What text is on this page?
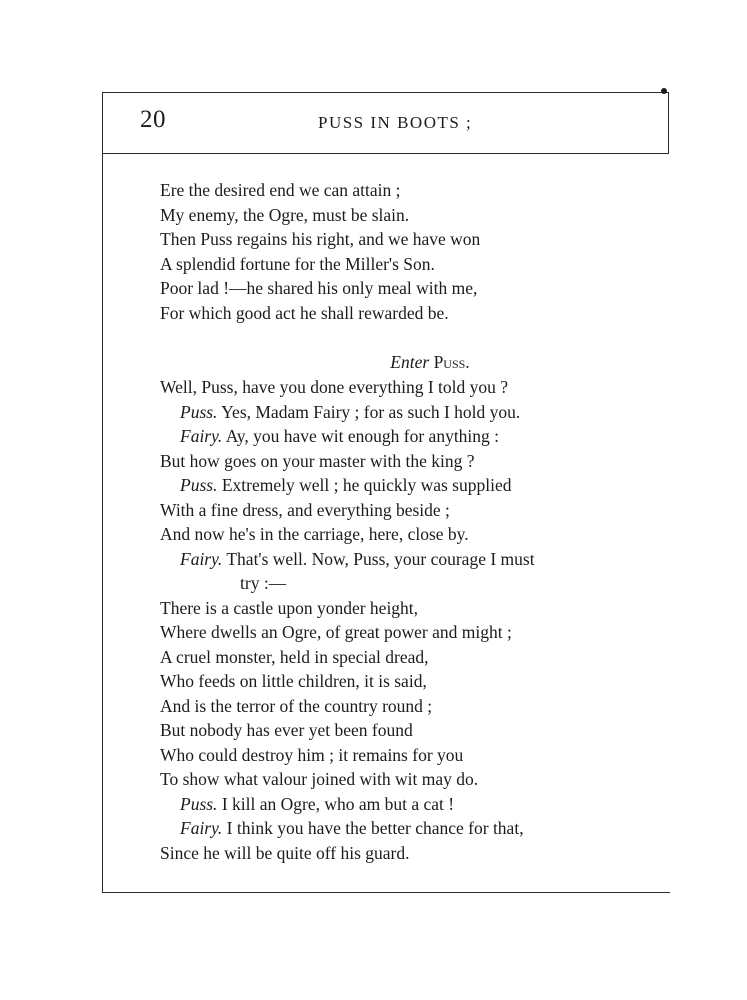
20	PUSS IN BOOTS ;
Ere the desired end we can attain ;
My enemy, the Ogre, must be slain.
Then Puss regains his right, and we have won
A splendid fortune for the Miller's Son.
Poor lad !—he shared his only meal with me,
For which good act he shall rewarded be.
Enter Puss.
Well, Puss, have you done everything I told you ?
Puss. Yes, Madam Fairy ; for as such I hold you.
Fairy. Ay, you have wit enough for anything :
But how goes on your master with the king ?
Puss. Extremely well ; he quickly was supplied
With a fine dress, and everything beside ;
And now he's in the carriage, here, close by.
Fairy. That's well. Now, Puss, your courage I must
try :—
There is a castle upon yonder height,
Where dwells an Ogre, of great power and might ;
A cruel monster, held in special dread,
Who feeds on little children, it is said,
And is the terror of the country round ;
But nobody has ever yet been found
Who could destroy him ; it remains for you
To show what valour joined with wit may do.
Puss. I kill an Ogre, who am but a cat !
Fairy. I think you have the better chance for that,
Since he will be quite off his guard.
